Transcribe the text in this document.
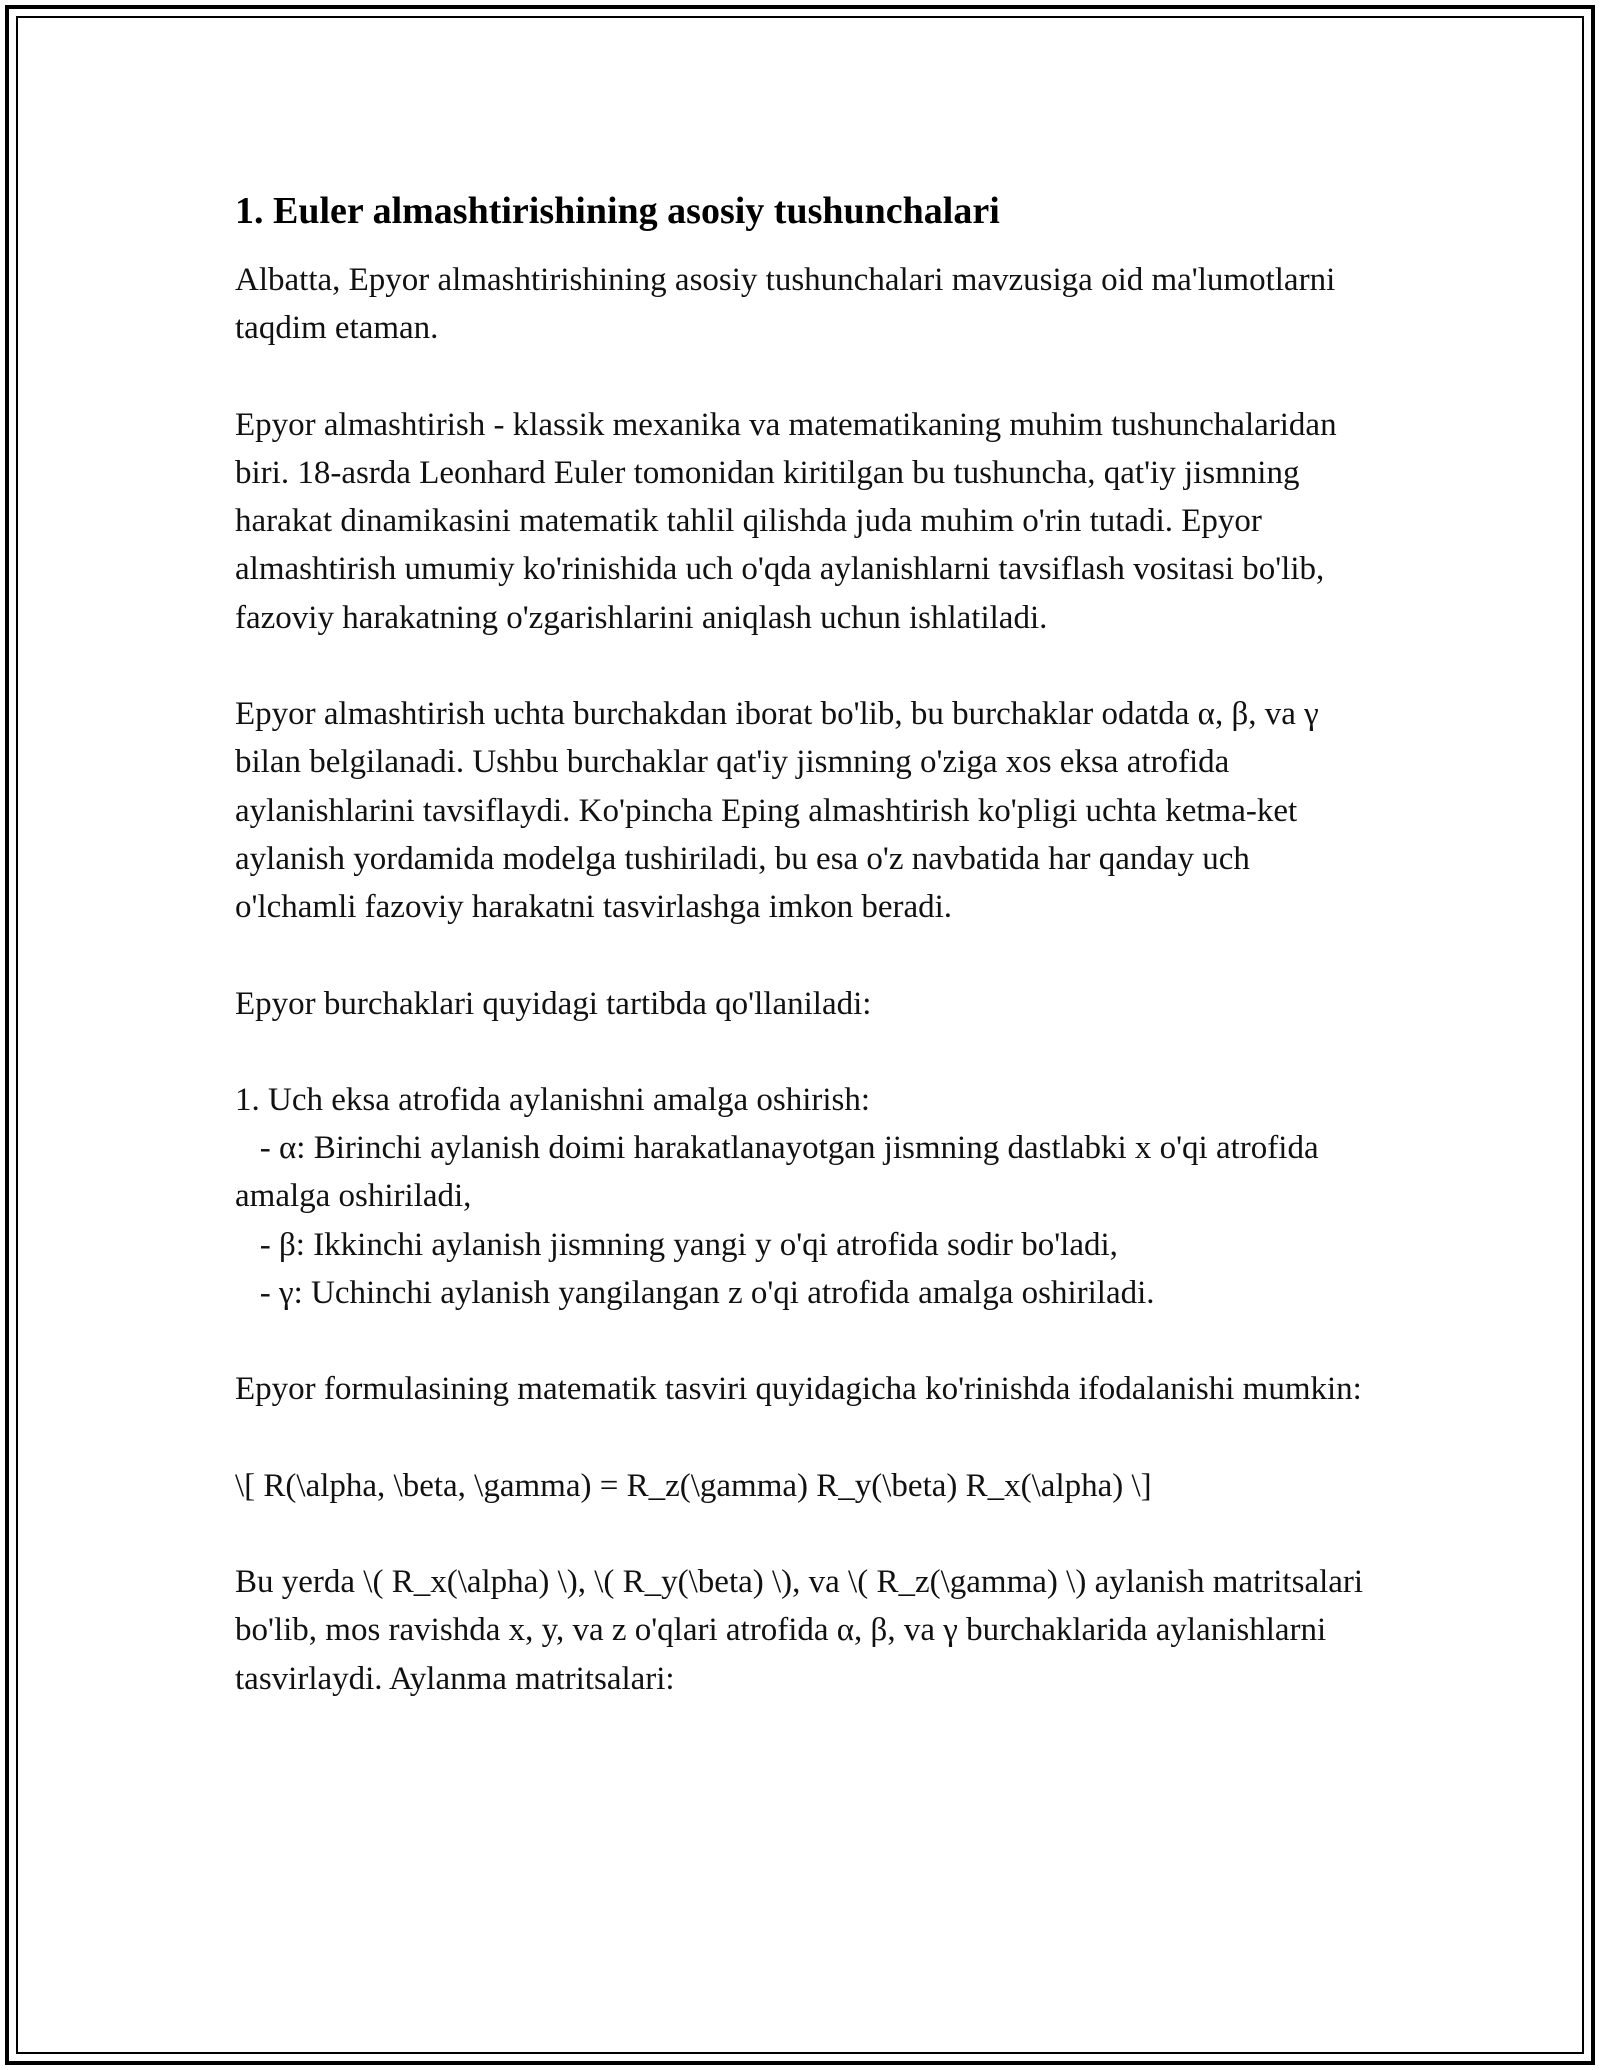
1. Euler almashtirishining asosiy tushunchalari

Albatta, Epyor almashtirishining asosiy tushunchalari mavzusiga oid ma'lumotlarni taqdim etaman.

Epyor almashtirish - klassik mexanika va matematikaning muhim tushunchalaridan biri. 18-asrda Leonhard Euler tomonidan kiritilgan bu tushuncha, qat'iy jismning harakat dinamikasini matematik tahlil qilishda juda muhim o'rin tutadi. Epyor almashtirish umumiy ko'rinishida uch o'qda aylanishlarni tavsiflash vositasi bo'lib, fazoviy harakatning o'zgarishlarini aniqlash uchun ishlatiladi.

Epyor almashtirish uchta burchakdan iborat bo'lib, bu burchaklar odatda α, β, va γ bilan belgilanadi. Ushbu burchaklar qat'iy jismning o'ziga xos eksa atrofida aylanishlarini tavsiflaydi. Ko'pincha Eping almashtirish ko'pligi uchta ketma-ket aylanish yordamida modelga tushiriladi, bu esa o'z navbatida har qanday uch o'lchamli fazoviy harakatni tasvirlashga imkon beradi.

Epyor burchaklari quyidagi tartibda qo'llaniladi:

1. Uch eksa atrofida aylanishni amalga oshirish:
- α: Birinchi aylanish doimi harakatlanayotgan jismning dastlabki x o'qi atrofida amalga oshiriladi,
- β: Ikkinchi aylanish jismning yangi y o'qi atrofida sodir bo'ladi,
- γ: Uchinchi aylanish yangilangan z o'qi atrofida amalga oshiriladi.

Epyor formulasining matematik tasviri quyidagicha ko'rinishda ifodalanishi mumkin:

\[ R(\alpha, \beta, \gamma) = R_z(\gamma) R_y(\beta) R_x(\alpha) \]

Bu yerda \( R_x(\alpha) \), \( R_y(\beta) \), va \( R_z(\gamma) \) aylanish matritsalari bo'lib, mos ravishda x, y, va z o'qlari atrofida α, β, va γ burchaklarida aylanishlarni tasvirlaydi. Aylanma matritsalari:
